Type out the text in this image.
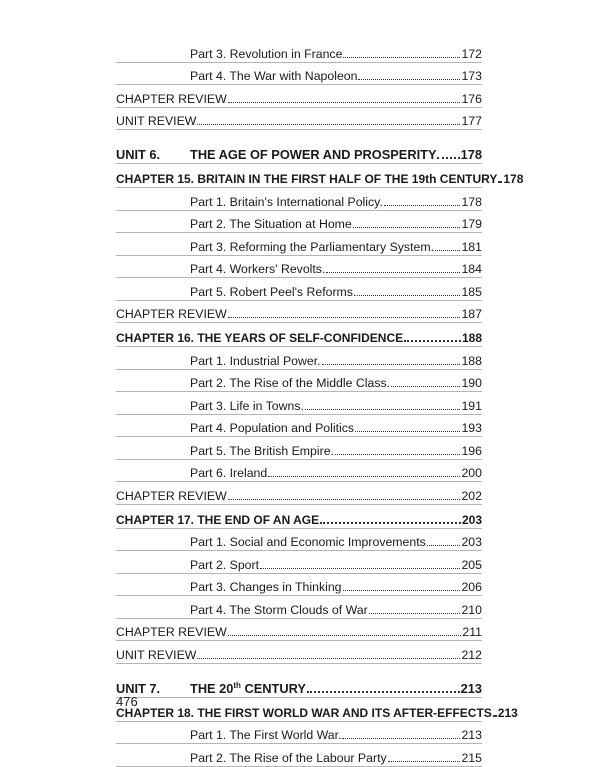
Part 3. Revolution in France	172
Part 4. The War with Napoleon	173
CHAPTER REVIEW	176
UNIT REVIEW	177
UNIT 6.	THE AGE OF POWER AND PROSPERITY 178
CHAPTER 15. BRITAIN IN THE FIRST HALF OF THE 19th CENTURY 178
Part 1. Britain's International Policy.	178
Part 2. The Situation at Home	179
Part 3. Reforming the Parliamentary System. 181
Part 4. Workers' Revolts.	184
Part 5. Robert Peel's Reforms.	185
CHAPTER REVIEW	187
CHAPTER 16. THE YEARS OF SELF-CONFIDENCE	188
Part 1. Industrial Power.	188
Part 2. The Rise of the Middle Class.	190
Part 3. Life in Towns.	191
Part 4. Population and Politics	193
Part 5. The British Empire.	196
Part 6. Ireland	200
CHAPTER REVIEW	202
CHAPTER 17. THE END OF AN AGE	203
Part 1. Social and Economic Improvements	203
Part 2. Sport	205
Part 3. Changes in Thinking	206
Part 4. The Storm Clouds of War	210
CHAPTER REVIEW	211
UNIT REVIEW	212
UNIT 7.	THE 20th CENTURY	213
CHAPTER 18. THE FIRST WORLD WAR AND ITS AFTER-EFFECTS 213
Part 1. The First World War.	213
Part 2. The Rise of the Labour Party	215
476
